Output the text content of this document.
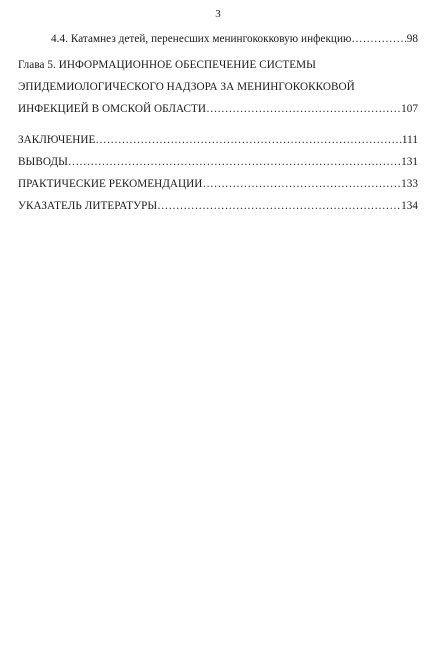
3
4.4. Катамнез детей, перенесших менингококковую инфекцию …………………………………………………………………………………………………………………………………………………………	98
Глава 5. ИНФОРМАЦИОННОЕ ОБЕСПЕЧЕНИЕ СИСТЕМЫ
ЭПИДЕМИОЛОГИЧЕСКОГО НАДЗОРА ЗА МЕНИНГОКОККОВОЙ
ИНФЕКЦИЕЙ В ОМСКОЙ ОБЛАСТИ …………………………………………………………………………………………………………………………………………………………	107
ЗАКЛЮЧЕНИЕ …………………………………………………………………………………………………………………………………………………………	111
ВЫВОДЫ …………………………………………………………………………………………………………………………………………………………	131
ПРАКТИЧЕСКИЕ РЕКОМЕНДАЦИИ …………………………………………………………………………………………………………………………………………………………	133
УКАЗАТЕЛЬ ЛИТЕРАТУРЫ …………………………………………………………………………………………………………………………………………………………	134
